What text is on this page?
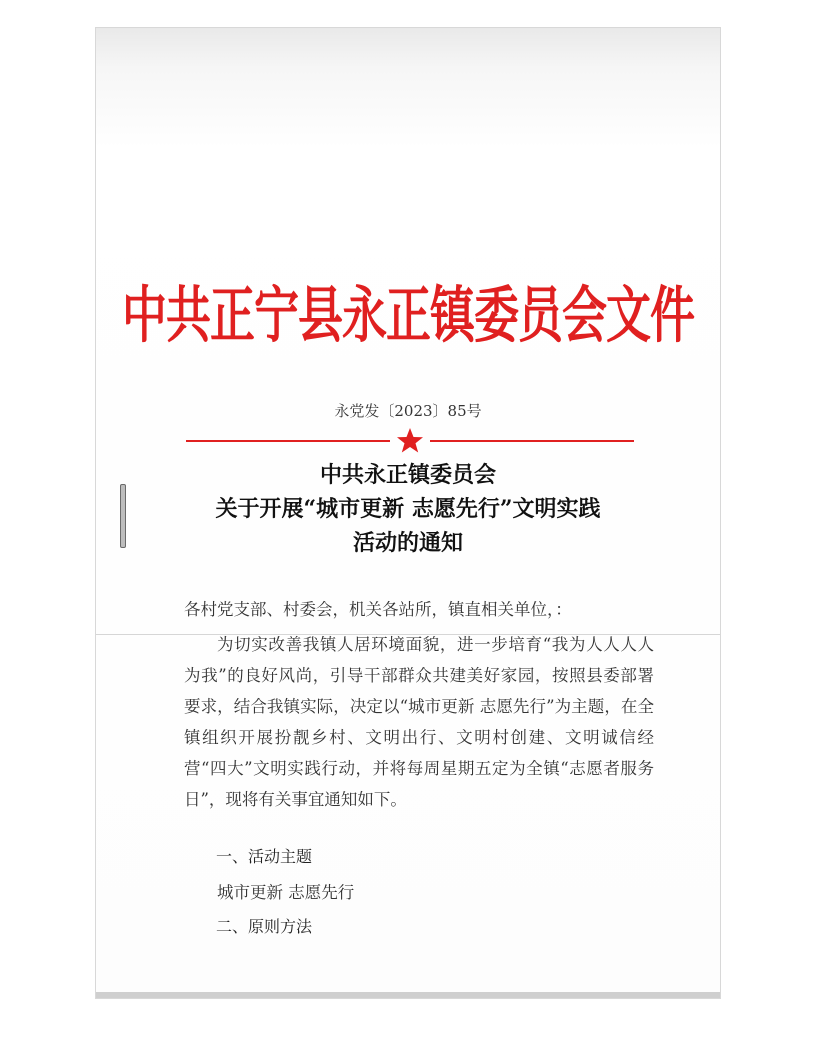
中共正宁县永正镇委员会文件

永党发〔2023〕85号

中共永正镇委员会
关于开展“城市更新 志愿先行”文明实践
活动的通知

各村党支部、村委会，机关各站所，镇直相关单位，：

为切实改善我镇人居环境面貌，进一步培育“我为人人人人为我”的良好风尚，引导干部群众共建美好家园，按照县委部署要求，结合我镇实际，决定以“城市更新 志愿先行”为主题，在全镇组织开展扮靓乡村、文明出行、文明村创建、文明诚信经营“四大”文明实践行动，并将每周星期五定为全镇“志愿者服务日”，现将有关事宜通知如下。

一、活动主题

城市更新 志愿先行

二、原则方法
